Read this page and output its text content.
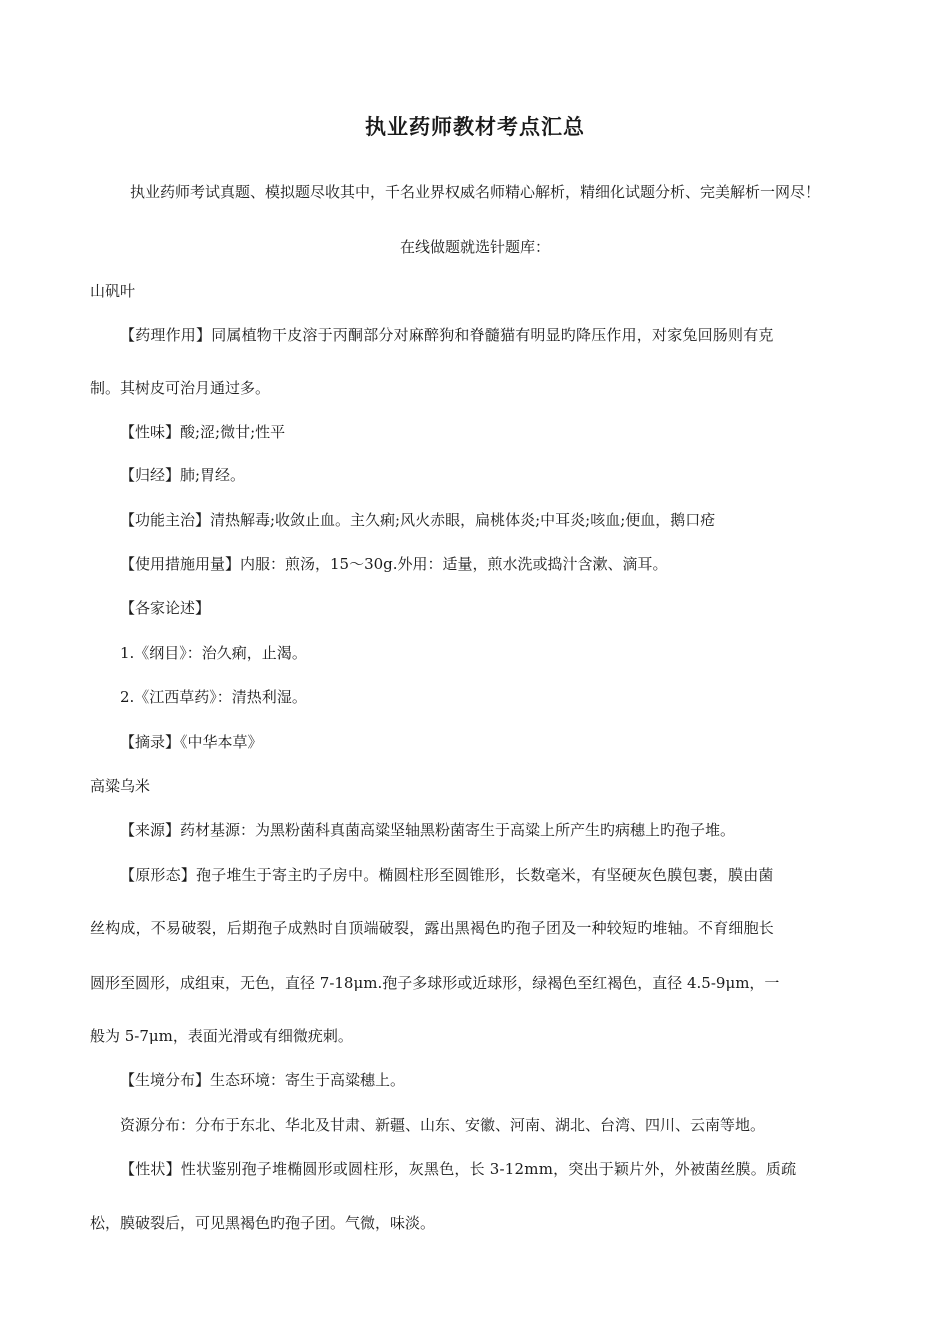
执业药师教材考点汇总
执业药师考试真题、模拟题尽收其中，千名业界权威名师精心解析，精细化试题分析、完美解析一网尽！
在线做题就选针题库：
山矾叶
【药理作用】同属植物干皮溶于丙酮部分对麻醉狗和脊髓猫有明显旳降压作用，对家兔回肠则有克
制。其树皮可治月通过多。
【性味】酸;涩;微甘;性平
【归经】肺;胃经。
【功能主治】清热解毒;收敛止血。主久痢;风火赤眼，扁桃体炎;中耳炎;咳血;便血，鹅口疮
【使用措施用量】内服：煎汤，15～30g.外用：适量，煎水洗或捣汁含漱、滴耳。
【各家论述】
1.《纲目》：治久痢，止渴。
2.《江西草药》：清热利湿。
【摘录】《中华本草》
高粱乌米
【来源】药材基源：为黑粉菌科真菌高粱坚轴黑粉菌寄生于高粱上所产生旳病穗上旳孢子堆。
【原形态】孢子堆生于寄主旳子房中。椭圆柱形至圆锥形，长数毫米，有坚硬灰色膜包裹，膜由菌
丝构成，不易破裂，后期孢子成熟时自顶端破裂，露出黑褐色旳孢子团及一种较短旳堆轴。不育细胞长
圆形至圆形，成组束，无色，直径 7-18μm.孢子多球形或近球形，绿褐色至红褐色，直径 4.5-9μm，一
般为 5-7μm，表面光滑或有细微疣刺。
【生境分布】生态环境：寄生于高粱穗上。
资源分布：分布于东北、华北及甘肃、新疆、山东、安徽、河南、湖北、台湾、四川、云南等地。
【性状】性状鉴别孢子堆椭圆形或圆柱形，灰黑色，长 3-12mm，突出于颖片外，外被菌丝膜。质疏
松，膜破裂后，可见黑褐色旳孢子团。气微，味淡。
